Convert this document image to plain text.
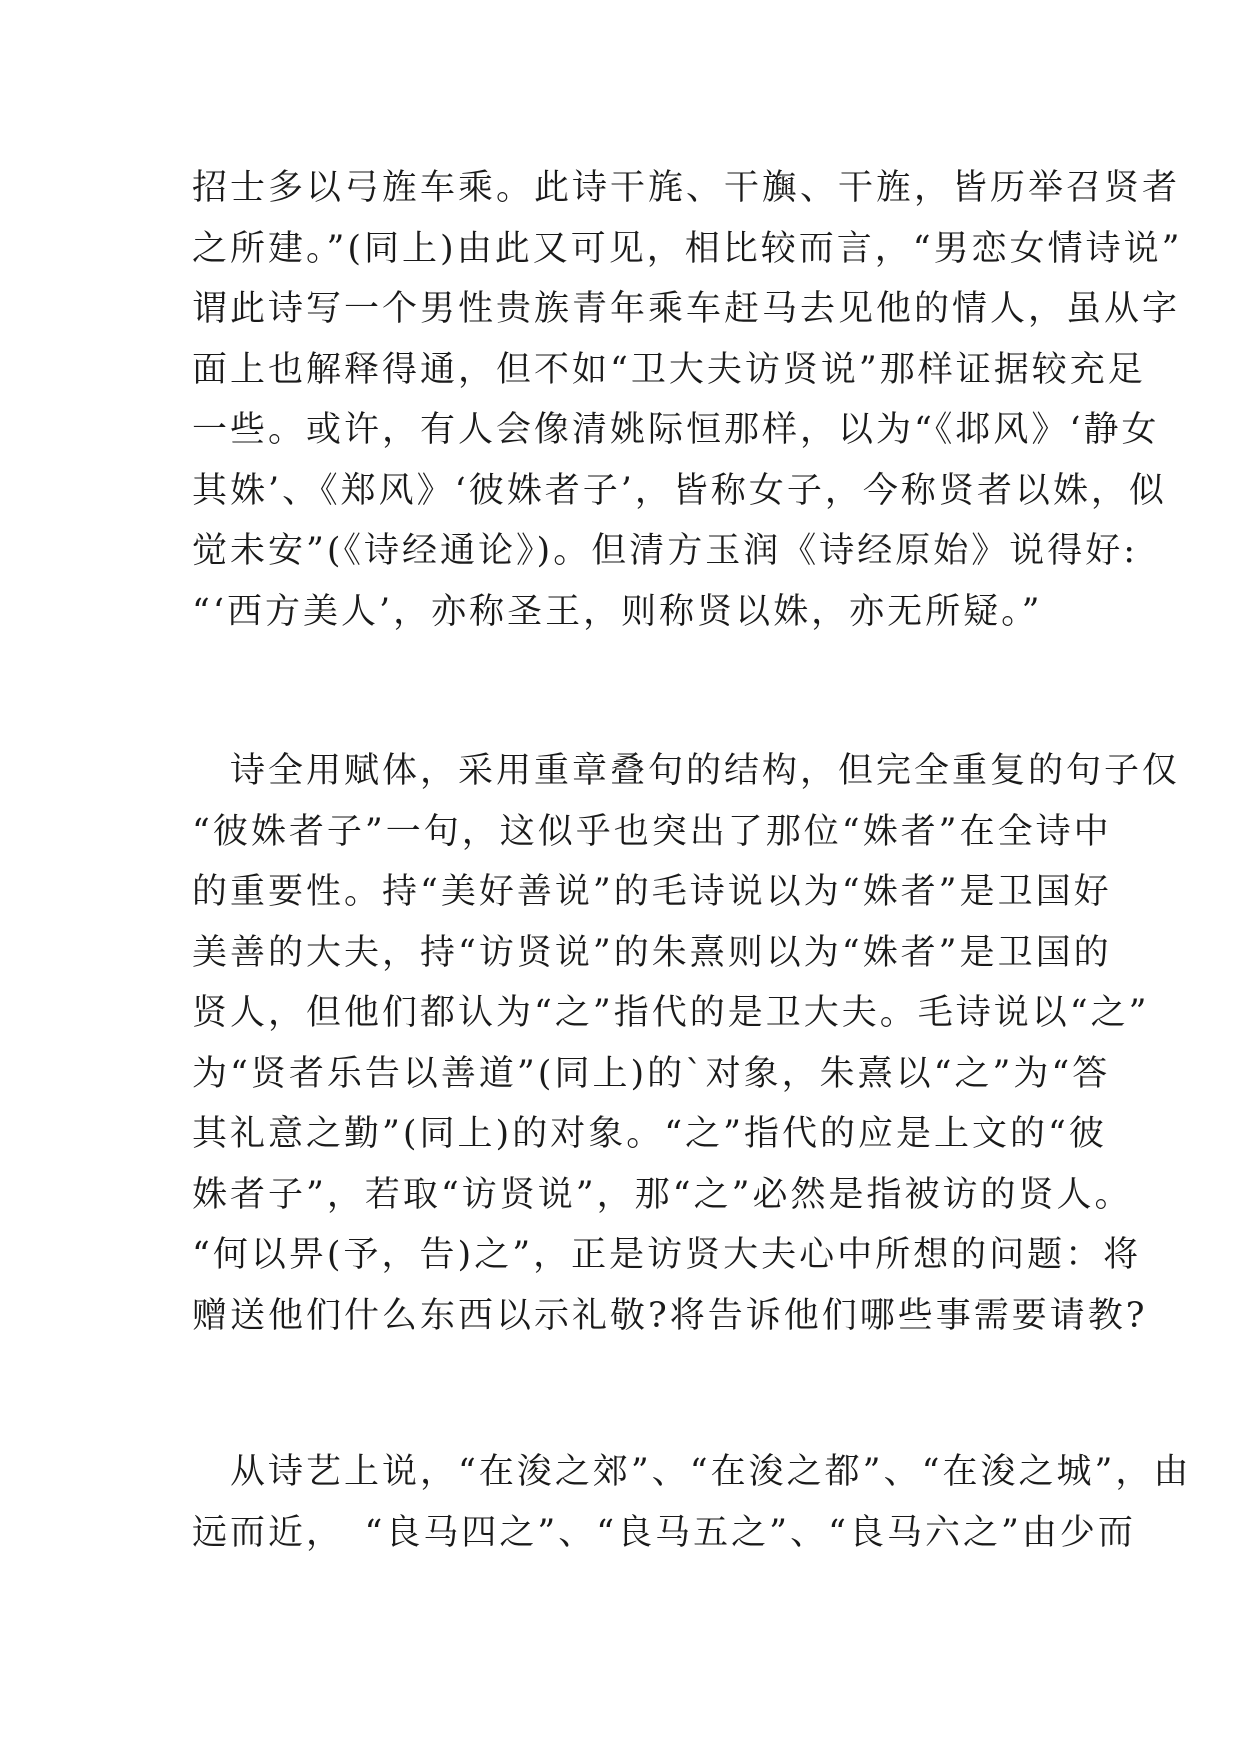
招士多以弓旌车乘。此诗干旄、干旟、干旌，皆历举召贤者
之所建。”(同上)由此又可见，相比较而言，“男恋女情诗说”
谓此诗写一个男性贵族青年乘车赶马去见他的情人，虽从字
面上也解释得通，但不如“卫大夫访贤说”那样证据较充足
一些。或许，有人会像清姚际恒那样，以为“《邶风》‘静女
其姝’、《郑风》‘彼姝者子’，皆称女子，今称贤者以姝，似
觉未安”(《诗经通论》)。但清方玉润《诗经原始》说得好:
“‘西方美人’，亦称圣王，则称贤以姝，亦无所疑。”

　诗全用赋体，采用重章叠句的结构，但完全重复的句子仅
“彼姝者子”一句，这似乎也突出了那位“姝者”在全诗中
的重要性。持“美好善说”的毛诗说以为“姝者”是卫国好
美善的大夫，持“访贤说”的朱熹则以为“姝者”是卫国的
贤人，但他们都认为“之”指代的是卫大夫。毛诗说以“之”
为“贤者乐告以善道”(同上)的`对象，朱熹以“之”为“答
其礼意之勤”(同上)的对象。“之”指代的应是上文的“彼
姝者子”，若取“访贤说”，那“之”必然是指被访的贤人。
“何以畀(予，告)之”，正是访贤大夫心中所想的问题：将
赠送他们什么东西以示礼敬?将告诉他们哪些事需要请教?

　从诗艺上说，“在浚之郊”、“在浚之都”、“在浚之城”，由
远而近，　“良马四之”、“良马五之”、“良马六之”由少而
